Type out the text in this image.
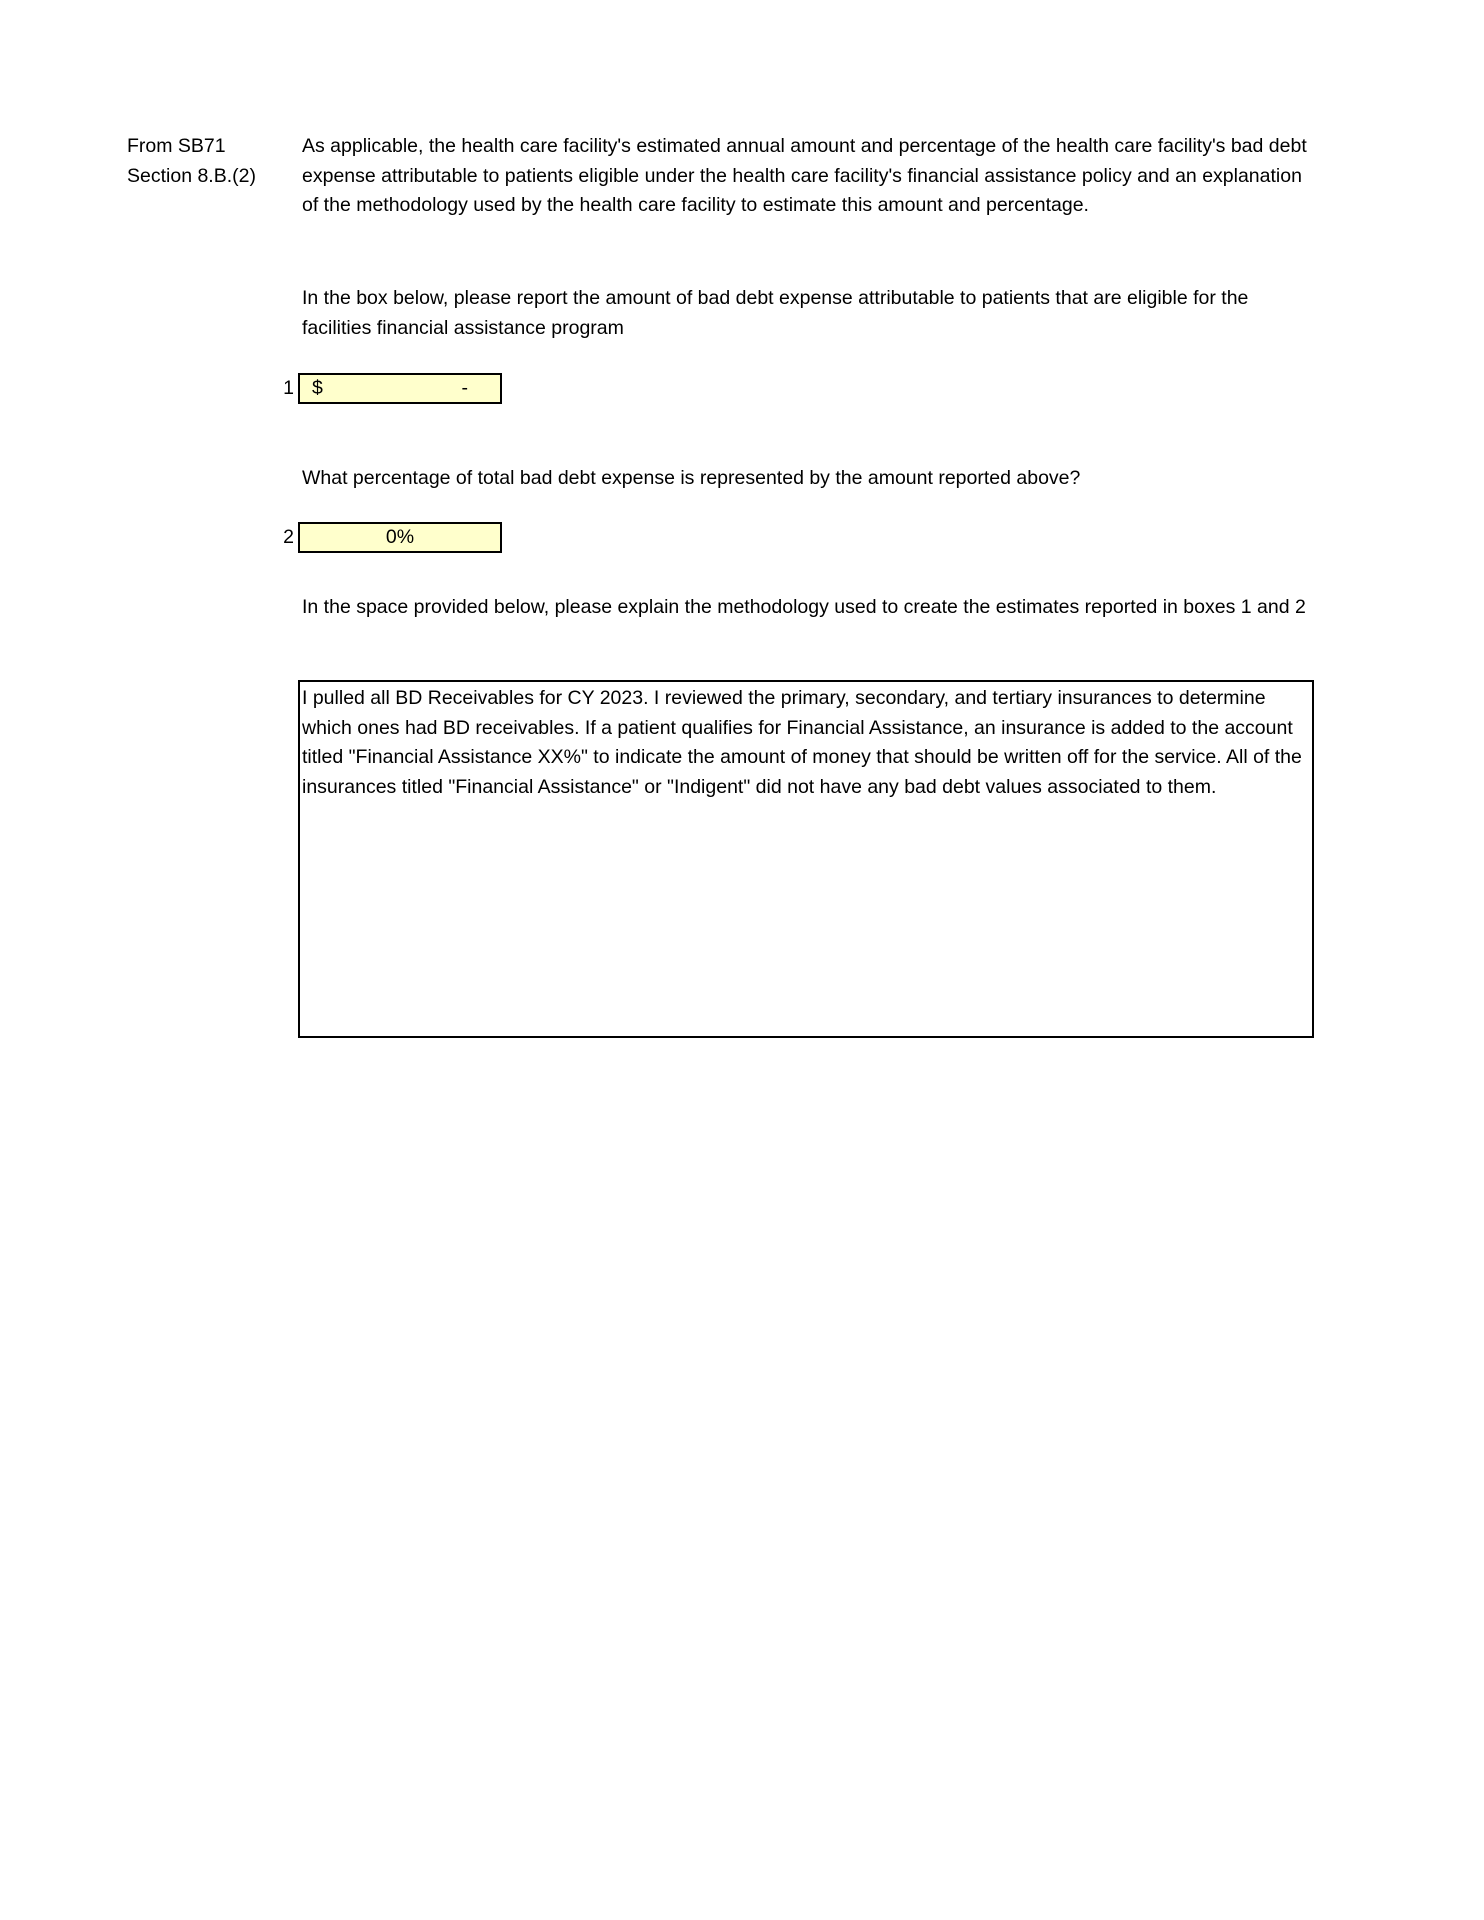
From SB71
Section 8.B.(2)
As applicable, the health care facility's estimated annual amount and percentage of the health care facility's bad debt expense attributable to patients eligible under the health care facility's financial assistance policy and an explanation of the methodology used by the health care facility to estimate this amount and percentage.
In the box below, please report the amount of bad debt expense attributable to patients that are eligible for the facilities financial assistance program
1 $	-
What percentage of total bad debt expense is represented by the amount reported above?
2	0%
In the space provided below, please explain the methodology used to create the estimates reported in boxes 1 and 2
I pulled all BD Receivables for CY 2023. I reviewed the primary, secondary, and tertiary insurances to determine which ones had BD receivables. If a patient qualifies for Financial Assistance, an insurance is added to the account titled "Financial Assistance XX%" to indicate the amount of money that should be written off for the service. All of the insurances titled "Financial Assistance" or "Indigent" did not have any bad debt values associated to them.
